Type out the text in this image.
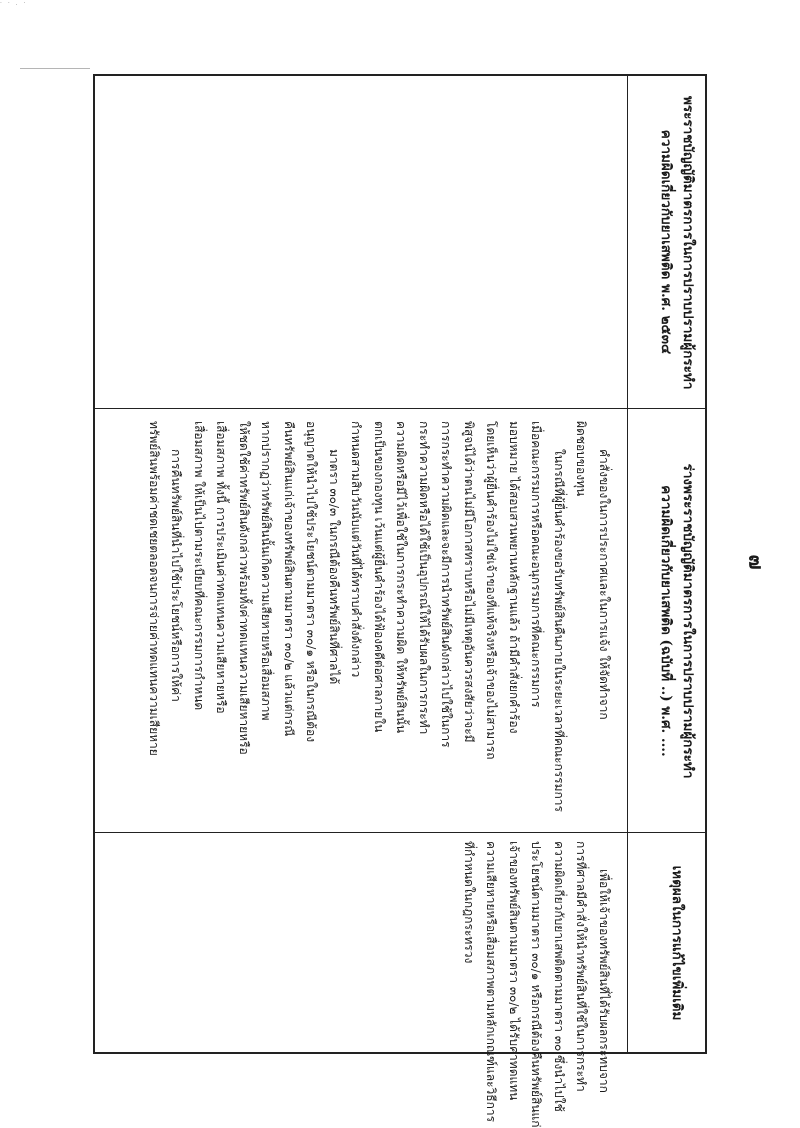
· · . ·
๗
พระราชบัญญัติมาตรการในการปราบปรามผู้กระทำ
ความผิดเกี่ยวกับยาเสพติด พ.ศ. ๒๕๓๔
ร่างพระราชบัญญัติมาตรการในการปราบปรามผู้กระทำ
ความผิดเกี่ยวกับยาเสพติด (ฉบับที่ ..) พ.ศ. ....
คำสั่งของในการประกาศและในการแจ้ง ให้จัดทำจาก
ผิดชอบของทุน
ในกรณีที่ผู้ยื่นคำร้องขอรับทรัพย์สินคืนภายในระยะเวลาที่คณะกรรมการ
เมื่อคณะกรรมการหรือคณะอนุกรรมการที่คณะกรรมการ
มอบหมาย ได้สอบสวนพยานหลักฐานแล้ว ถ้ามีคำสั่งยกคำร้อง
โดยเห็นว่าผู้ยื่นคำร้องไม่ใช่เจ้าของที่แท้จริงหรือเจ้าของไม่สามารถ
พิสูจน์ได้ว่าตนไม่มีโอกาสทราบหรือไม่มีเหตุอันควรสงสัยว่าจะมี
การกระทำความผิดและจะมีการนำทรัพย์สินดังกล่าวไปใช้ในการ
กระทำความผิดหรือได้ใช้เป็นอุปกรณ์ให้ได้รับผลในการกระทำ
ความผิดหรือมีไว้เพื่อใช้ในการกระทำความผิด ให้ทรัพย์สินนั้น
ตกเป็นของกองทุน เว้นแต่ผู้ยื่นคำร้องได้ฟ้องคดีต่อศาลภายใน
กำหนดสามสิบวันนับแต่วันที่ได้ทราบคำสั่งดังกล่าว
มาตรา ๓๐/๓ ในกรณีต้องคืนทรัพย์สินที่ศาลได้
อนุญาตให้นำไปใช้ประโยชน์ตามมาตรา ๓๐/๑ หรือในกรณีต้อง
คืนทรัพย์สินแก่เจ้าของทรัพย์สินตามมาตรา ๓๐/๒ แล้วแต่กรณี
หากปรากฏว่าทรัพย์สินนั้นเกิดความเสียหายหรือเสื่อมสภาพ
ให้ชดใช้ค่าทรัพย์สินดังกล่าวพร้อมทั้งค่าทดแทนความเสียหายหรือ
เสื่อมสภาพ ทั้งนี้ การประเมินค่าทดแทนความเสียหายหรือ
เสื่อมสภาพ ให้เป็นไปตามระเบียบที่คณะกรรมการกำหนด
การคืนทรัพย์สินที่นำไปใช้ประโยชน์หรือการให้ค่า
ทรัพย์สินพร้อมค่าชดเชยตลอดจนการจ่ายค่าทดแทนความเสียหาย
เหตุผลในการแก้ไขเพิ่มเติม
เพื่อให้เจ้าของทรัพย์สินที่ได้รับผลกระทบจาก
การที่ศาลมีคำสั่งให้นำทรัพย์สินที่ใช้ในการกระทำ
ความผิดเกี่ยวกับยาเสพติดตามมาตรา ๓๐ ซึ่งนำไปใช้
ประโยชน์ตามมาตรา ๓๐/๑ หรือกรณีต้องคืนทรัพย์สินแก่
เจ้าของทรัพย์สินตามมาตรา ๓๐/๒ ได้รับค่าทดแทน
ความเสียหายหรือเสื่อมสภาพตามหลักเกณฑ์และวิธีการ
ที่กำหนดในกฎกระทรวง
